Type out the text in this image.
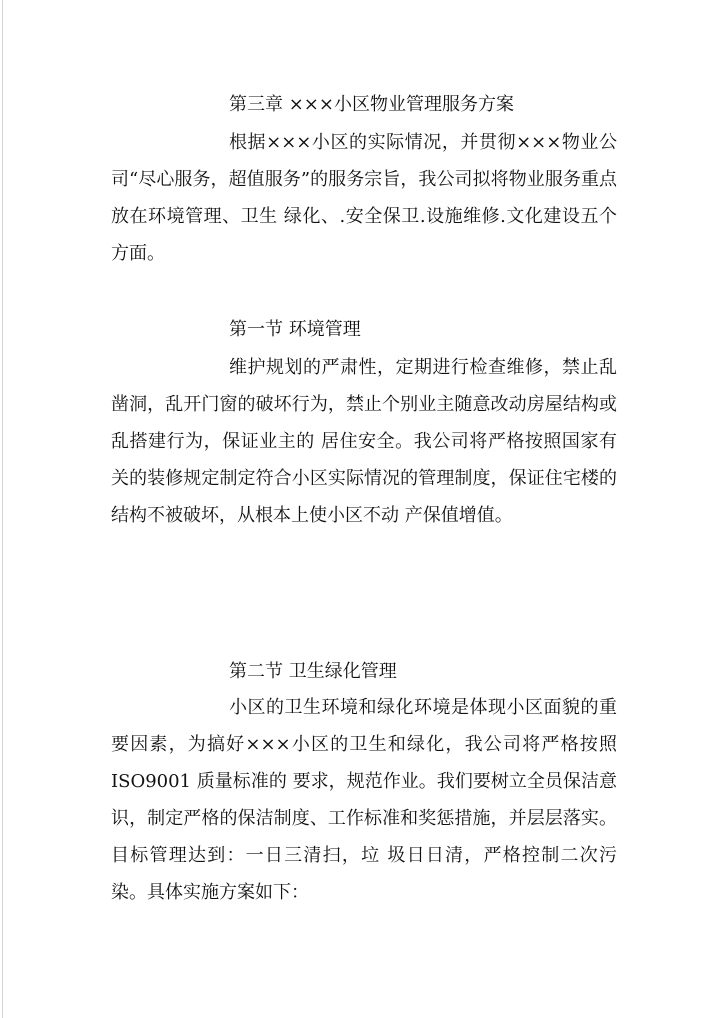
第三章 ×××小区物业管理服务方案

根据×××小区的实际情况，并贯彻×××物业公司“尽心服务，超值服务”的服务宗旨，我公司拟将物业服务重点放在环境管理、卫生 绿化、.安全保卫.设施维修.文化建设五个方面。

第一节 环境管理

维护规划的严肃性，定期进行检查维修，禁止乱凿洞，乱开门窗的破坏行为，禁止个别业主随意改动房屋结构或乱搭建行为，保证业主的 居住安全。我公司将严格按照国家有关的装修规定制定符合小区实际情况的管理制度，保证住宅楼的结构不被破坏，从根本上使小区不动 产保值增值。

第二节 卫生绿化管理

小区的卫生环境和绿化环境是体现小区面貌的重要因素，为搞好×××小区的卫生和绿化，我公司将严格按照 ISO9001 质量标准的 要求，规范作业。我们要树立全员保洁意识，制定严格的保洁制度、工作标准和奖惩措施，并层层落实。目标管理达到：一日三清扫，垃 圾日日清，严格控制二次污染。具体实施方案如下：
